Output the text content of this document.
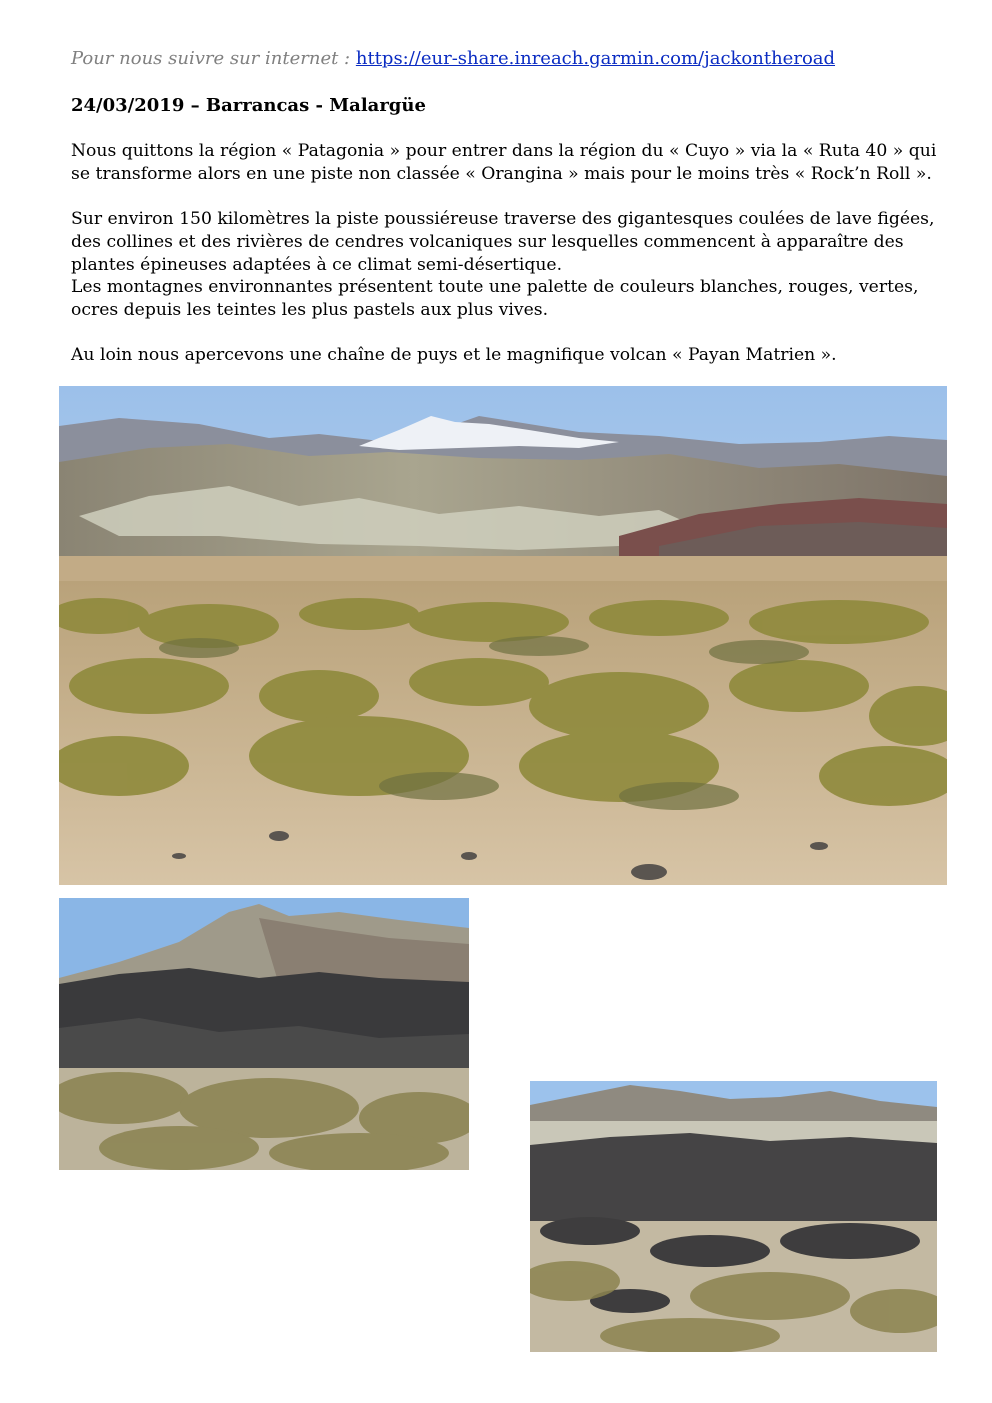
Pour nous suivre sur internet : https://eur-share.inreach.garmin.com/jackontheroad
24/03/2019 – Barrancas - Malargüe

Nous quittons la région « Patagonia » pour entrer dans la région du « Cuyo » via la « Ruta 40 » qui se transforme alors en une piste non classée « Orangina » mais pour le moins très « Rock’n Roll ».

Sur environ 150 kilomètres la piste poussiéreuse traverse des gigantesques coulées de lave figées, des collines et des rivières de cendres volcaniques sur lesquelles commencent à apparaître des plantes épineuses adaptées à ce climat semi-désertique.

Les montagnes environnantes présentent toute une palette de couleurs blanches, rouges, vertes, ocres depuis les teintes les plus pastels aux plus vives.

Au loin nous apercevons une chaîne de puys et le magnifique volcan « Payan Matrien ».
